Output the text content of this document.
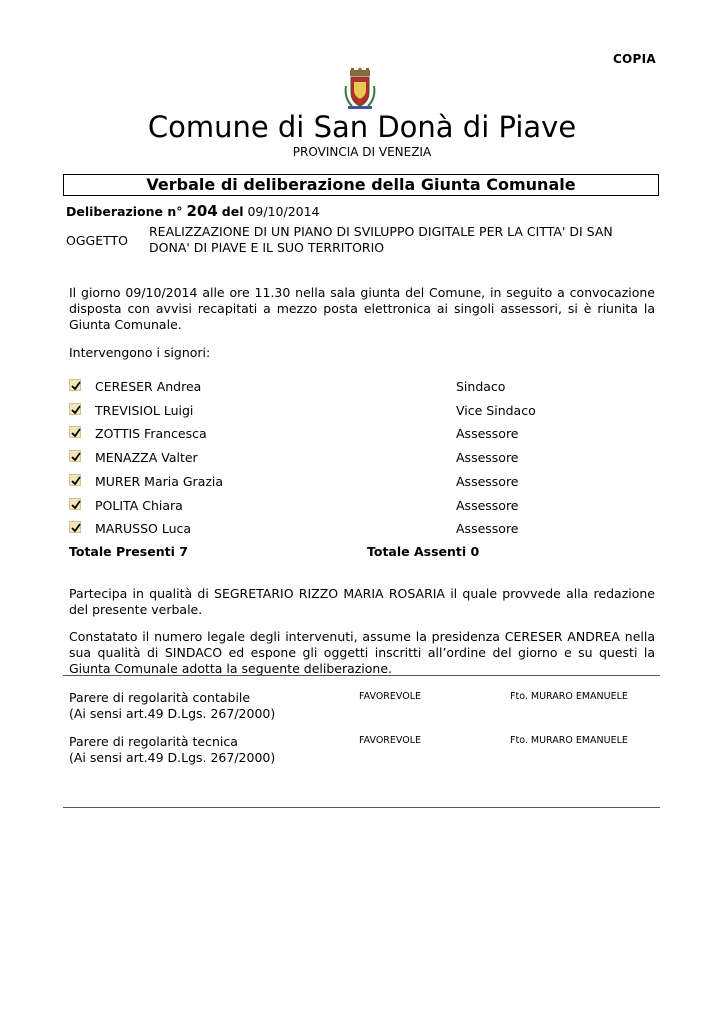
COPIA
Comune di San Donà di Piave
PROVINCIA DI VENEZIA
Verbale di deliberazione della Giunta Comunale
Deliberazione n° 204 del 09/10/2014
OGGETTO
REALIZZAZIONE DI UN PIANO DI SVILUPPO DIGITALE PER LA CITTA' DI SAN
DONA' DI PIAVE E IL SUO TERRITORIO
Il giorno 09/10/2014 alle ore 11.30 nella sala giunta del Comune, in seguito a convocazione disposta con avvisi recapitati a mezzo posta elettronica ai singoli assessori, si è riunita la Giunta Comunale.
Intervengono i signori:
CERESER Andrea	Sindaco
TREVISIOL Luigi	Vice Sindaco
ZOTTIS Francesca	Assessore
MENAZZA Valter	Assessore
MURER Maria Grazia	Assessore
POLITA Chiara	Assessore
MARUSSO Luca	Assessore
Totale Presenti 7	Totale Assenti 0
Partecipa in qualità di SEGRETARIO RIZZO MARIA ROSARIA il quale provvede alla redazione del presente verbale.
Constatato il numero legale degli intervenuti, assume la presidenza CERESER ANDREA nella sua qualità di SINDACO ed espone gli oggetti inscritti all’ordine del giorno e su questi la Giunta Comunale adotta la seguente deliberazione.
Parere di regolarità contabile
(Ai sensi art.49 D.Lgs. 267/2000)
FAVOREVOLE	Fto. MURARO EMANUELE
Parere di regolarità tecnica
(Ai sensi art.49 D.Lgs. 267/2000)
FAVOREVOLE	Fto. MURARO EMANUELE
